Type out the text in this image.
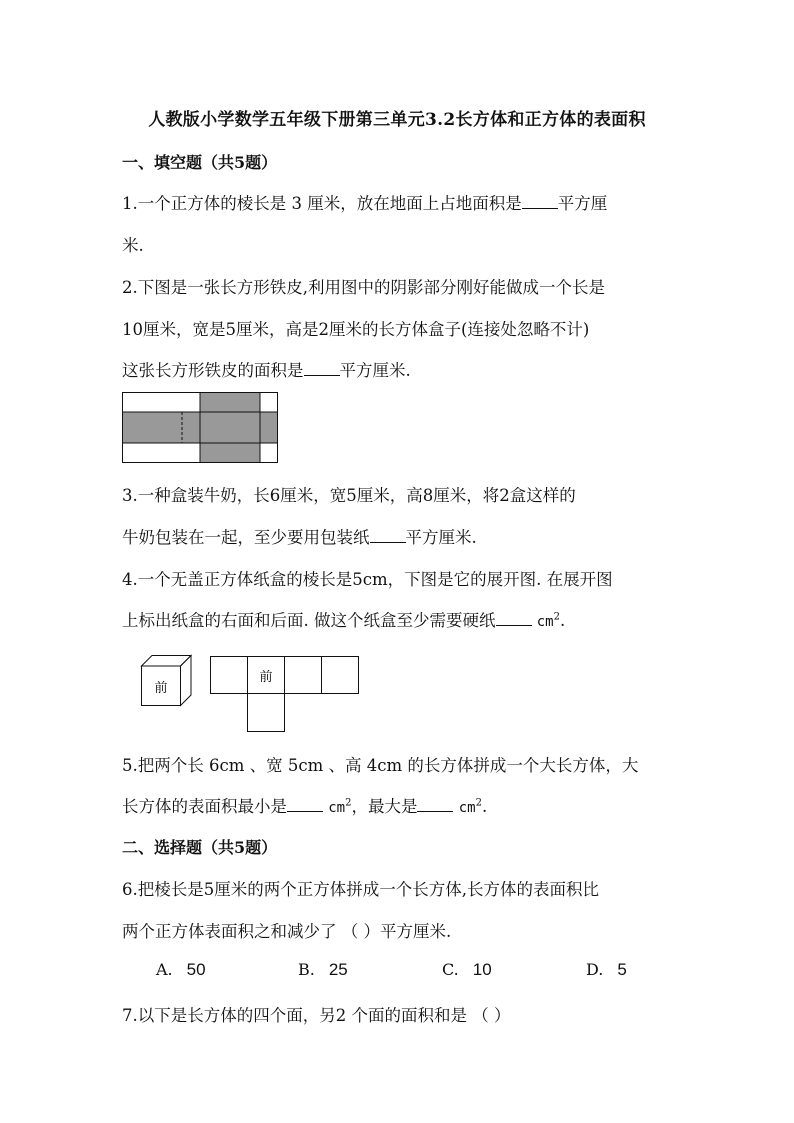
人教版小学数学五年级下册第三单元3.2长方体和正方体的表面积
一、填空题（共5题）
1.一个正方体的棱长是 3 厘米，放在地面上占地面积是 平方厘
米.
2.下图是一张长方形铁皮,利用图中的阴影部分刚好能做成一个长是
10厘米，宽是5厘米，高是2厘米的长方体盒子(连接处忽略不计)
这张长方形铁皮的面积是 平方厘米.
3.一种盒装牛奶，长6厘米，宽5厘米，高8厘米，将2盒这样的
牛奶包装在一起，至少要用包装纸 平方厘米.
4.一个无盖正方体纸盒的棱长是5cm，下图是它的展开图. 在展开图
上标出纸盒的右面和后面. 做这个纸盒至少需要硬纸	$cm^2$.
前
前
5.把两个长 6cm 、宽 5cm 、高 4cm 的长方体拼成一个大长方体，大
长方体的表面积最小是	$cm^2$，最大是	$cm^2$.
二、选择题（共5题）
6.把棱长是5厘米的两个正方体拼成一个长方体,长方体的表面积比
两个正方体表面积之和减少了 （ ）平方厘米.
A. 50	B. 25	C. 10	D. 5
7.以下是长方体的四个面，另2 个面的面积和是 （ ）
